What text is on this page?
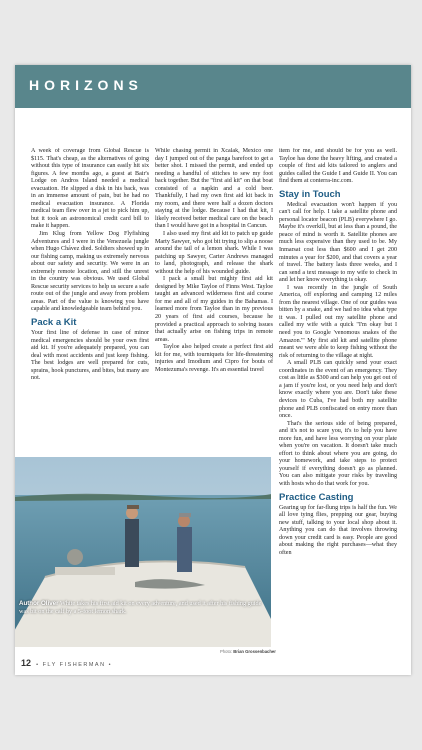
HORIZONS

A week of coverage from Global Rescue is $115. That's cheap, as the alternatives of going without this type of insurance can easily hit six figures. A few months ago, a guest at Bair's Lodge on Andros Island needed a medical evacuation. He slipped a disk in his back, was in an immense amount of pain, but he had no medical evacuation insurance. A Florida medical team flew over in a jet to pick him up, but it took an astronomical credit card bill to make it happen.

Jim Klug from Yellow Dog Flyfishing Adventures and I were in the Venezuela jungle when Hugo Chávez died. Soldiers showed up in our fishing camp, making us extremely nervous about our safety and security. We were in an extremely remote location, and still the unrest in the country was obvious. We used Global Rescue security services to help us secure a safe route out of the jungle and away from problem areas. Part of the value is knowing you have capable and knowledgeable team behind you.

Pack a Kit

Your first line of defense in case of minor medical emergencies should be your own first aid kit. If you're adequately prepared, you can deal with most accidents and just keep fishing. The best lodges are well prepared for cuts, sprains, hook punctures, and bites, but many are not.

While chasing permit in Xcalak, Mexico one day I jumped out of the panga barefoot to get a better shot. I missed the permit, and ended up needing a handful of stitches to sew my foot back together. But the "first aid kit" on that boat consisted of a napkin and a cold beer. Thankfully, I had my own first aid kit back in my room, and there were half a dozen doctors staying at the lodge. Because I had that kit, I likely received better medical care on the beach than I would have got in a hospital in Cancun.

I also used my first aid kit to patch up guide Marty Sawyer, who got bit trying to slip a noose around the tail of a lemon shark. While I was patching up Sawyer, Carter Andrews managed to land, photograph, and release the shark without the help of his wounded guide.

I pack a small but mighty first aid kit designed by Mike Tayloe of Finns West. Tayloe taught an advanced wilderness first aid course for me and all of my guides in the Bahamas. I learned more from Tayloe than in my previous 20 years of first aid courses, because he provided a practical approach to solving issues that actually arise on fishing trips in remote areas.

Tayloe also helped create a perfect first aid kit for me, with tourniquets for life-threatening injuries and Imodium and Cipro for bouts of Montezuma's revenge. It's an essential travel

item for me, and should be for you as well. Tayloe has done the heavy lifting, and created a couple of first aid kits tailored to anglers and guides called the Guide I and Guide II. You can find them at conterra-inc.com.

Stay in Touch

Medical evacuation won't happen if you can't call for help. I take a satellite phone and personal locator beacon (PLB) everywhere I go. Maybe it's overkill, but at less than a pound, the peace of mind is worth it. Satellite phones are much less expensive than they used to be. My Inmarsat cost less than $600 and I get 200 minutes a year for $200, and that covers a year of travel. The battery lasts three weeks, and I can send a text message to my wife to check in and let her know everything is okay.

I was recently in the jungle of South America, off exploring and camping 12 miles from the nearest village. One of our guides was bitten by a snake, and we had no idea what type it was. I pulled out my satellite phone and called my wife with a quick "I'm okay but I need you to Google 'venomous snakes of the Amazon.'" My first aid kit and satellite phone meant we were able to keep fishing without the risk of returning to the village at night.

A small PLB can quickly send your exact coordinates in the event of an emergency. They cost as little as $300 and can help you get out of a jam if you're lost, or you need help and don't know exactly where you are. Don't take these devices to Cuba, I've had both my satellite phone and PLB confiscated on entry more than once.

That's the serious side of being prepared, and it's not to scare you, it's to help you have more fun, and have less worrying on your plate when you're on vacation. It doesn't take much effort to think about where you are going, do your homework, and take steps to protect yourself if everything doesn't go as planned. You can also mitigate your risks by traveling with hosts who do that work for you.

Practice Casting

Gearing up for far-flung trips is half the fun. We all love tying flies, prepping our gear, buying new stuff, talking to your local shop about it. Anything you can do that involves throwing down your credit card is easy. People are good about making the right purchases—what they often

Author Oliver White takes his first aid kit on every adventure, and used it after his fishing guide was bit on the calf by a 5-foot lemon shark.
Photo: Brian Grossenbacher
12 • FLY FISHERMAN •
